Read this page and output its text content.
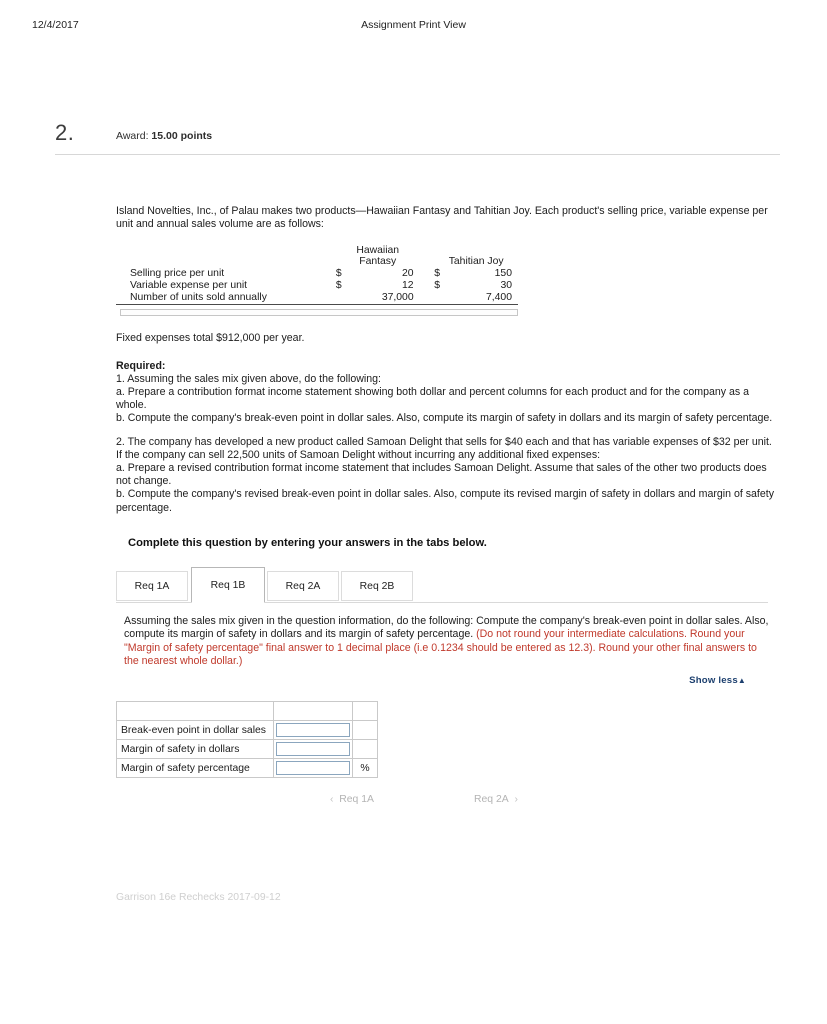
12/4/2017	Assignment Print View
2.	Award: 15.00 points

Island Novelties, Inc., of Palau makes two products—Hawaiian Fantasy and Tahitian Joy. Each product's selling price, variable expense per unit and annual sales volume are as follows:

	Hawaiian
Fantasy			Tahitian Joy	
Selling price per unit	$	20		$	150
Variable expense per unit	$	12		$	30
Number of units sold annually		37,000			7,400

Fixed expenses total $912,000 per year.

Required:

1. Assuming the sales mix given above, do the following:

a. Prepare a contribution format income statement showing both dollar and percent columns for each product and for the company as a whole.

b. Compute the company's break-even point in dollar sales. Also, compute its margin of safety in dollars and its margin of safety percentage.

2. The company has developed a new product called Samoan Delight that sells for $40 each and that has variable expenses of $32 per unit. If the company can sell 22,500 units of Samoan Delight without incurring any additional fixed expenses:

a. Prepare a revised contribution format income statement that includes Samoan Delight. Assume that sales of the other two products does not change.

b. Compute the company's revised break-even point in dollar sales. Also, compute its revised margin of safety in dollars and margin of safety percentage.

Complete this question by entering your answers in the tabs below.
Req 1A	Req 1B	Req 2A	Req 2B
Assuming the sales mix given in the question information, do the following: Compute the company's break-even point in dollar sales. Also, compute its margin of safety in dollars and its margin of safety percentage. (Do not round your intermediate calculations. Round your "Margin of safety percentage" final answer to 1 decimal place (i.e 0.1234 should be entered as 12.3). Round your other final answers to the nearest whole dollar.)
Show less▲

Break-even point in dollar sales	

Margin of safety in dollars	

Margin of safety percentage		%
‹ Req 1A	Req 2A ›
Garrison 16e Rechecks 2017-09-12
